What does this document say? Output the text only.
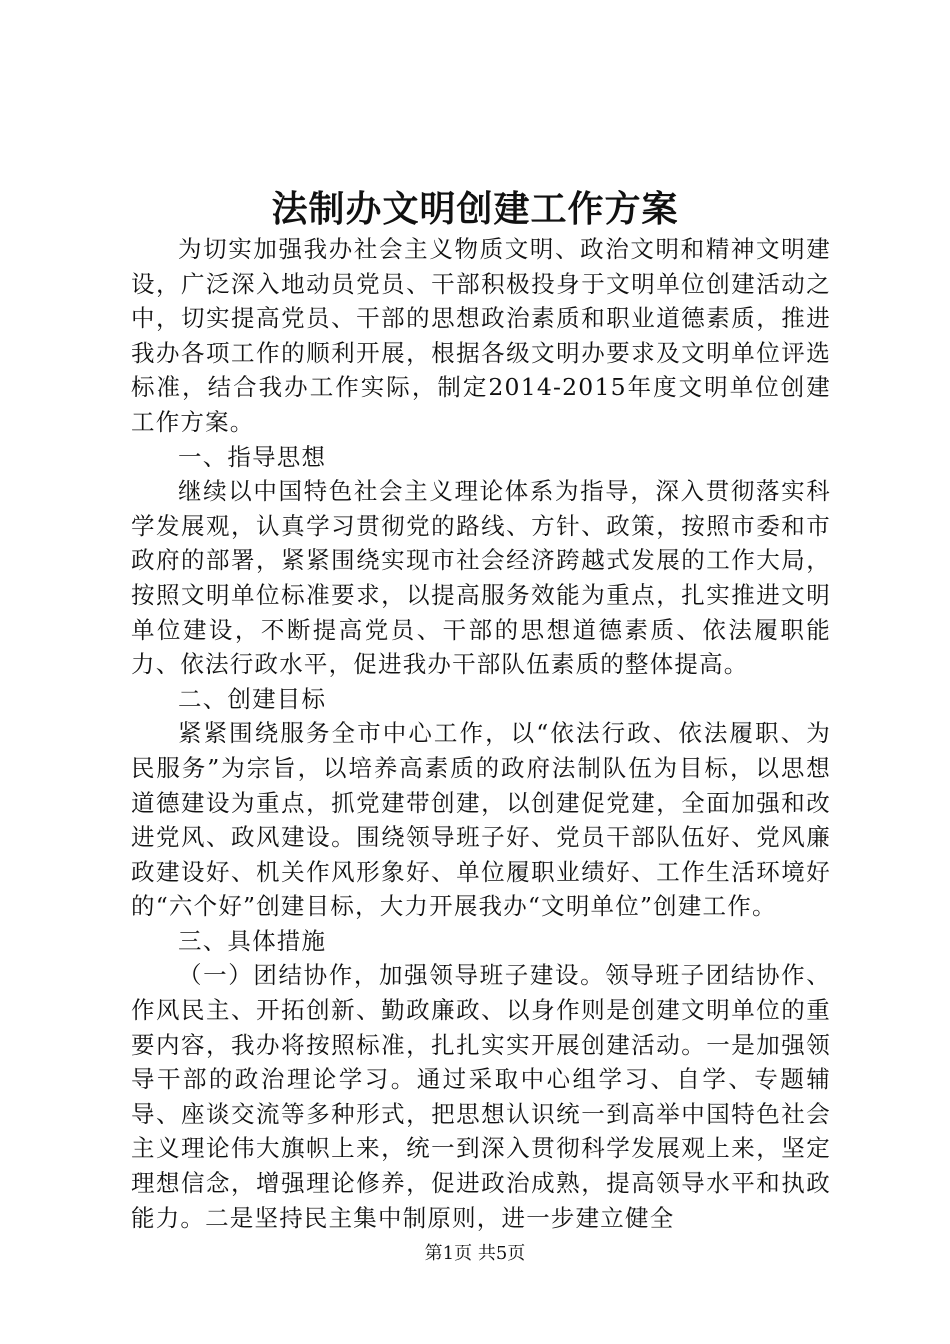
法制办文明创建工作方案

为切实加强我办社会主义物质文明、政治文明和精神文明建设，广泛深入地动员党员、干部积极投身于文明单位创建活动之中，切实提高党员、干部的思想政治素质和职业道德素质，推进我办各项工作的顺利开展，根据各级文明办要求及文明单位评选标准，结合我办工作实际，制定2014-2015年度文明单位创建工作方案。

一、指导思想

继续以中国特色社会主义理论体系为指导，深入贯彻落实科学发展观，认真学习贯彻党的路线、方针、政策，按照市委和市政府的部署，紧紧围绕实现市社会经济跨越式发展的工作大局，按照文明单位标准要求，以提高服务效能为重点，扎实推进文明单位建设，不断提高党员、干部的思想道德素质、依法履职能力、依法行政水平，促进我办干部队伍素质的整体提高。

二、创建目标

紧紧围绕服务全市中心工作，以“依法行政、依法履职、为民服务”为宗旨，以培养高素质的政府法制队伍为目标，以思想道德建设为重点，抓党建带创建，以创建促党建，全面加强和改进党风、政风建设。围绕领导班子好、党员干部队伍好、党风廉政建设好、机关作风形象好、单位履职业绩好、工作生活环境好的“六个好”创建目标，大力开展我办“文明单位”创建工作。

三、具体措施

（一）团结协作，加强领导班子建设。领导班子团结协作、作风民主、开拓创新、勤政廉政、以身作则是创建文明单位的重要内容，我办将按照标准，扎扎实实开展创建活动。一是加强领导干部的政治理论学习。通过采取中心组学习、自学、专题辅导、座谈交流等多种形式，把思想认识统一到高举中国特色社会主义理论伟大旗帜上来，统一到深入贯彻科学发展观上来，坚定理想信念，增强理论修养，促进政治成熟，提高领导水平和执政能力。二是坚持民主集中制原则，进一步建立健全

第1页 共5页
